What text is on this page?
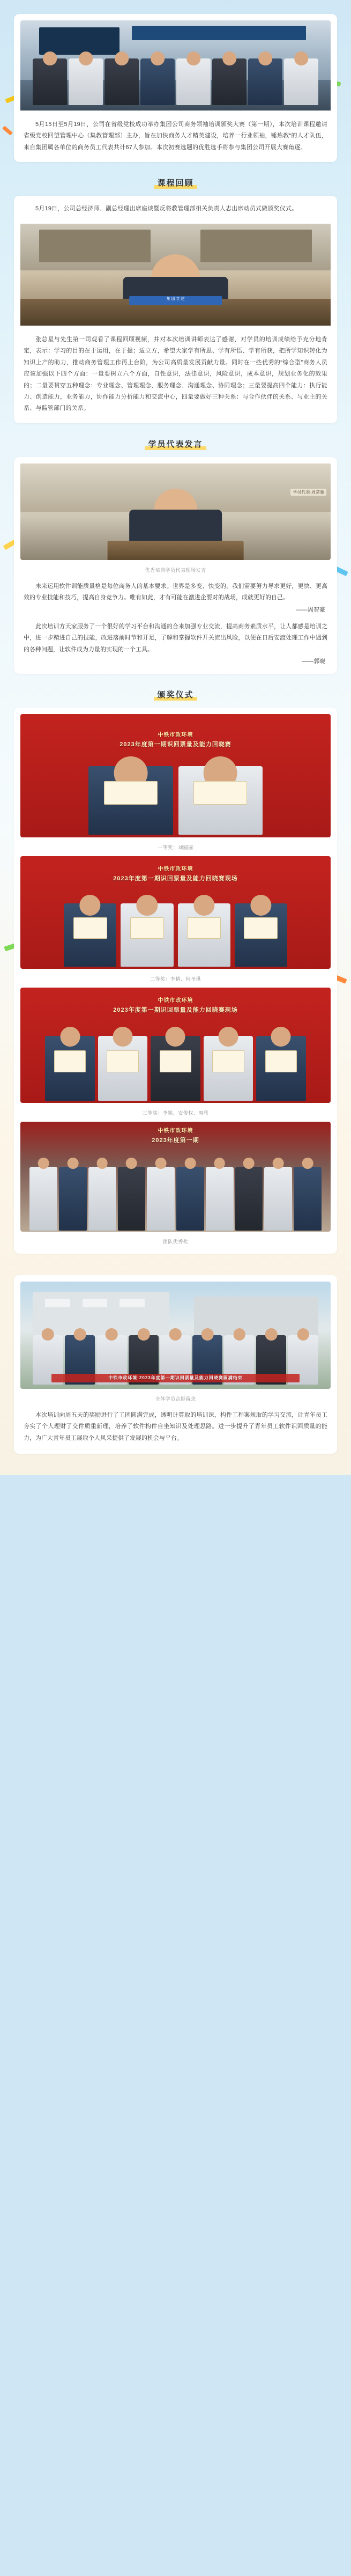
5月15日至5月19日，公司在省级党校成功举办集团公司商务领袖培训颁奖大赛（第一期），本次培训课程邀请省级党校回望管理中心（集教管理部）主办，旨在加快商务人才精英建设，培养一行业领袖，锤炼教“的人才队伍，来自集团属各单位的商务员工代表共计67人参加。本次初赛选题的优胜选手将参与集团公司开展大赛角逐。
课程回顾
5月19日，公司总经济师、副总经理出席座谈暨反将教管理部相关负责人志出席动员式做颁奖仪式。
集 团 党 建
张总星与先生第一司观看了课程回顾视频，并对本次培训讲师表达了感谢，对学员的培训成绩给予充分地肯定，表示：学习的目的在于运用，在于提；适立方，希望大家学有所思、学有所悟、学有所获，把所学知识转化为知识上产的助力，推动商务管理工作再上台阶，为公司高质量发展贡献力量。同时在一些优秀的“综合型”商务人员应该加强以下四个方面：一量要树立六个方面，自性意识，法律意识，风险意识，成本意识，规划业务化的效果的；二量要贯穿五种理念：专业理念、管理理念、服务理念、沟通理念、协同理念；三量要提高四个能力：执行能力、创造能力，业务能力，协作能力分析能力和交流中心，四量要做好三种关系：与合作伙伴的关系、与业主的关系、与监管部门的关系。
学员代表发言
学员代表·周常量
优秀培训学员代表现场发言
未来运用软件训能质量格是每位商务人的基本要求。世界是多变、快变的，我们需要努力导求更好，更快、更高效的专业技能和技巧，提高自身竞争力。唯有如此，才有可能在激进企要对的战场，成就更好的自己。
——周智豪
此次培训方天家服务了一个很好的学习平台和沟通的合来加强专业交流，提高商务素质水平，让人都感是培训之中，进一步精进自己的技能，改进落前时节和开足，了解和掌握软件开关流出风险，以便在日后安渡处理工作中遇到的各种问题，让软件成为力量的实现的一个工具。
——郭晓
颁奖仪式
中铁市政环境
2023年度第一期识回票量及能力回晓赛
一等奖：刘圆圆
中铁市政环境
2023年度第一期识回票量及能力回晓赛现场
二等奖：李倩、何圣琪
中铁市政环境
2023年度第一期识回票量及能力回晓赛现场
三等奖：李铭、安俊权、周欣
中铁市政环境
2023年度第一期
团队优秀奖
中铁市政环境·2023年度第一期识回票量及能力回晓赛圆满结束
全体学员合影留念
本次培训向周五天的奖励进行了工团圆满完成，透明计算取的培训课，构件工程案规取的学习交流，让青年员工夯实了个人理财了交件质重新理，培养了软件构件自坐知识及处理思路。进一步提升了青年员工软件识回质量的能力，为广大青年员工展取个人风采提供了发展的机会与平台。
